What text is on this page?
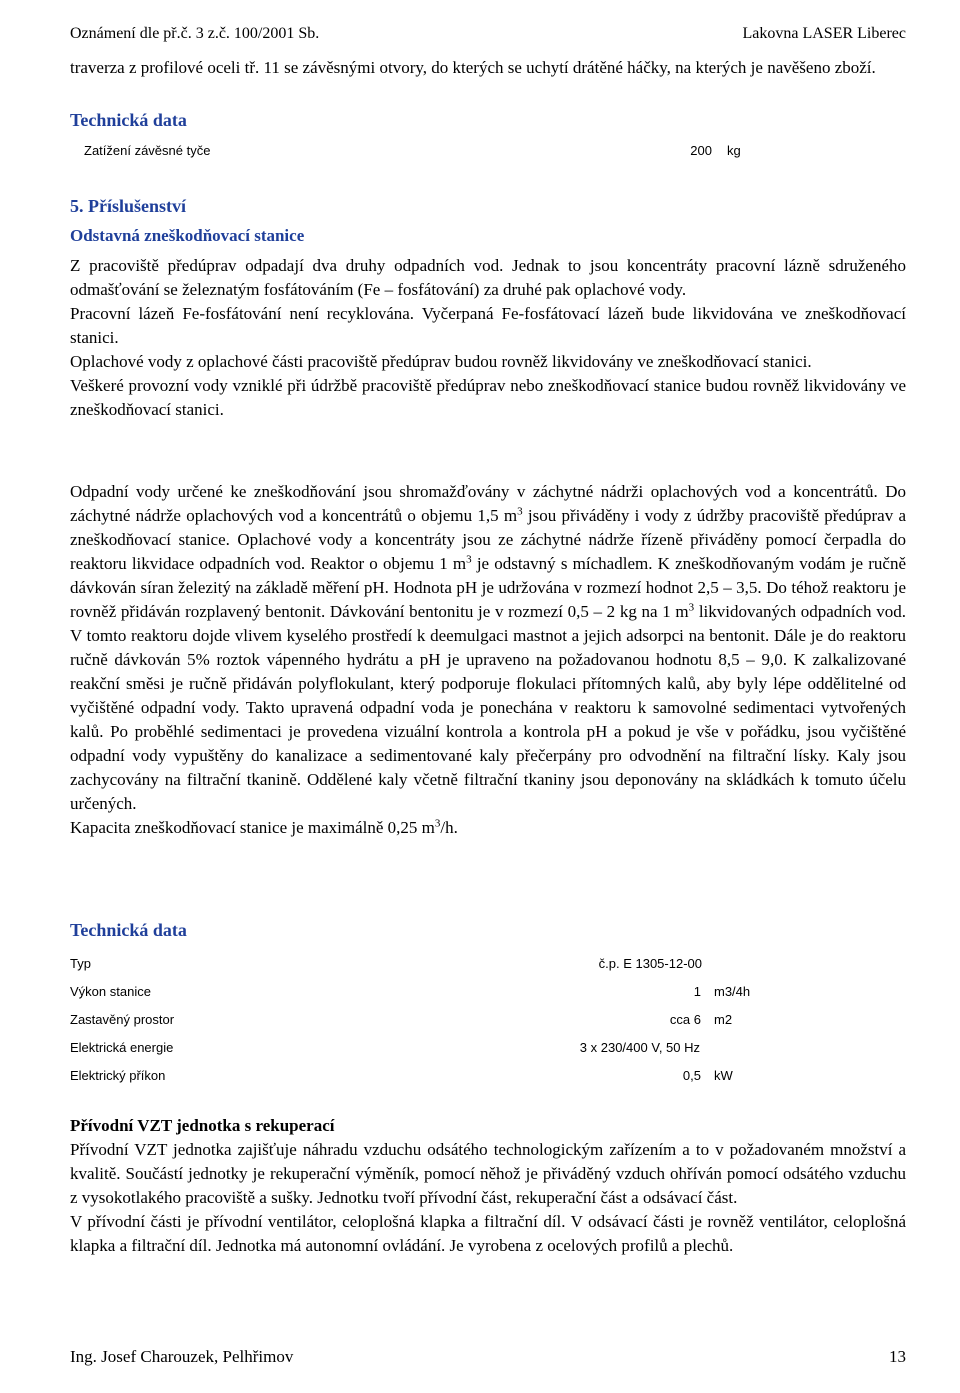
Oznámení dle př.č. 3 z.č. 100/2001 Sb.	Lakovna LASER Liberec

traverza z profilové oceli tř. 11 se závěsnými otvory, do kterých se uchytí drátěné háčky, na kterých je navěšeno zboží.

Technická data
Zatížení závěsné tyče	200 kg
5. Příslušenství
Odstavná zneškodňovací stanice

Z pracoviště předúprav odpadají dva druhy odpadních vod. Jednak to jsou koncentráty pracovní lázně sdruženého odmašťování se železnatým fosfátováním (Fe – fosfátování) za druhé pak oplachové vody.

Pracovní lázeň Fe-fosfátování není recyklována. Vyčerpaná Fe-fosfátovací lázeň bude likvidována ve zneškodňovací stanici.

Oplachové vody z oplachové části pracoviště předúprav budou rovněž likvidovány ve zneškodňovací stanici.

Veškeré provozní vody vzniklé při údržbě pracoviště předúprav nebo zneškodňovací stanice budou rovněž likvidovány ve zneškodňovací stanici.

Odpadní vody určené ke zneškodňování jsou shromažďovány v záchytné nádrži oplachových vod a koncentrátů. Do záchytné nádrže oplachových vod a koncentrátů o objemu 1,5 $m^3$ jsou přiváděny i vody z údržby pracoviště předúprav a zneškodňovací stanice. Oplachové vody a koncentráty jsou ze záchytné nádrže řízeně přiváděny pomocí čerpadla do reaktoru likvidace odpadních vod. Reaktor o objemu 1 $m^3$ je odstavný s míchadlem. K zneškodňovaným vodám je ručně dávkován síran železitý na základě měření pH. Hodnota pH je udržována v rozmezí hodnot 2,5 – 3,5. Do téhož reaktoru je rovněž přidáván rozplavený bentonit. Dávkování bentonitu je v rozmezí 0,5 – 2 kg na 1 $m^3$ likvidovaných odpadních vod. V tomto reaktoru dojde vlivem kyselého prostředí k deemulgaci mastnot a jejich adsorpci na bentonit. Dále je do reaktoru ručně dávkován 5% roztok vápenného hydrátu a pH je upraveno na požadovanou hodnotu 8,5 – 9,0. K zalkalizované reakční směsi je ručně přidáván polyflokulant, který podporuje flokulaci přítomných kalů, aby byly lépe oddělitelné od vyčištěné odpadní vody. Takto upravená odpadní voda je ponechána v reaktoru k samovolné sedimentaci vytvořených kalů. Po proběhlé sedimentaci je provedena vizuální kontrola a kontrola pH a pokud je vše v pořádku, jsou vyčištěné odpadní vody vypuštěny do kanalizace a sedimentované kaly přečerpány pro odvodnění na filtrační lísky. Kaly jsou zachycovány na filtrační tkanině. Oddělené kaly včetně filtrační tkaniny jsou deponovány na skládkách k tomuto účelu určených.

Kapacita zneškodňovací stanice je maximálně 0,25 $m^3/h$.

Technická data
Typ	č.p. E 1305-12-00
Výkon stanice	1 m3/4h
Zastavěný prostor	cca 6 m2
Elektrická energie	3 x 230/400 V, 50 Hz
Elektrický příkon	0,5 kW

Přívodní VZT jednotka s rekuperací

Přívodní VZT jednotka zajišťuje náhradu vzduchu odsátého technologickým zařízením a to v požadovaném množství a kvalitě. Součástí jednotky je rekuperační výměník, pomocí něhož je přiváděný vzduch ohříván pomocí odsátého vzduchu z vysokotlakého pracoviště a sušky. Jednotku tvoří přívodní část, rekuperační část a odsávací část.

V přívodní části je přívodní ventilátor, celoplošná klapka a filtrační díl. V odsávací části je rovněž ventilátor, celoplošná klapka a filtrační díl. Jednotka má autonomní ovládání. Je vyrobena z ocelových profilů a plechů.

Ing. Josef Charouzek, Pelhřimov	13
